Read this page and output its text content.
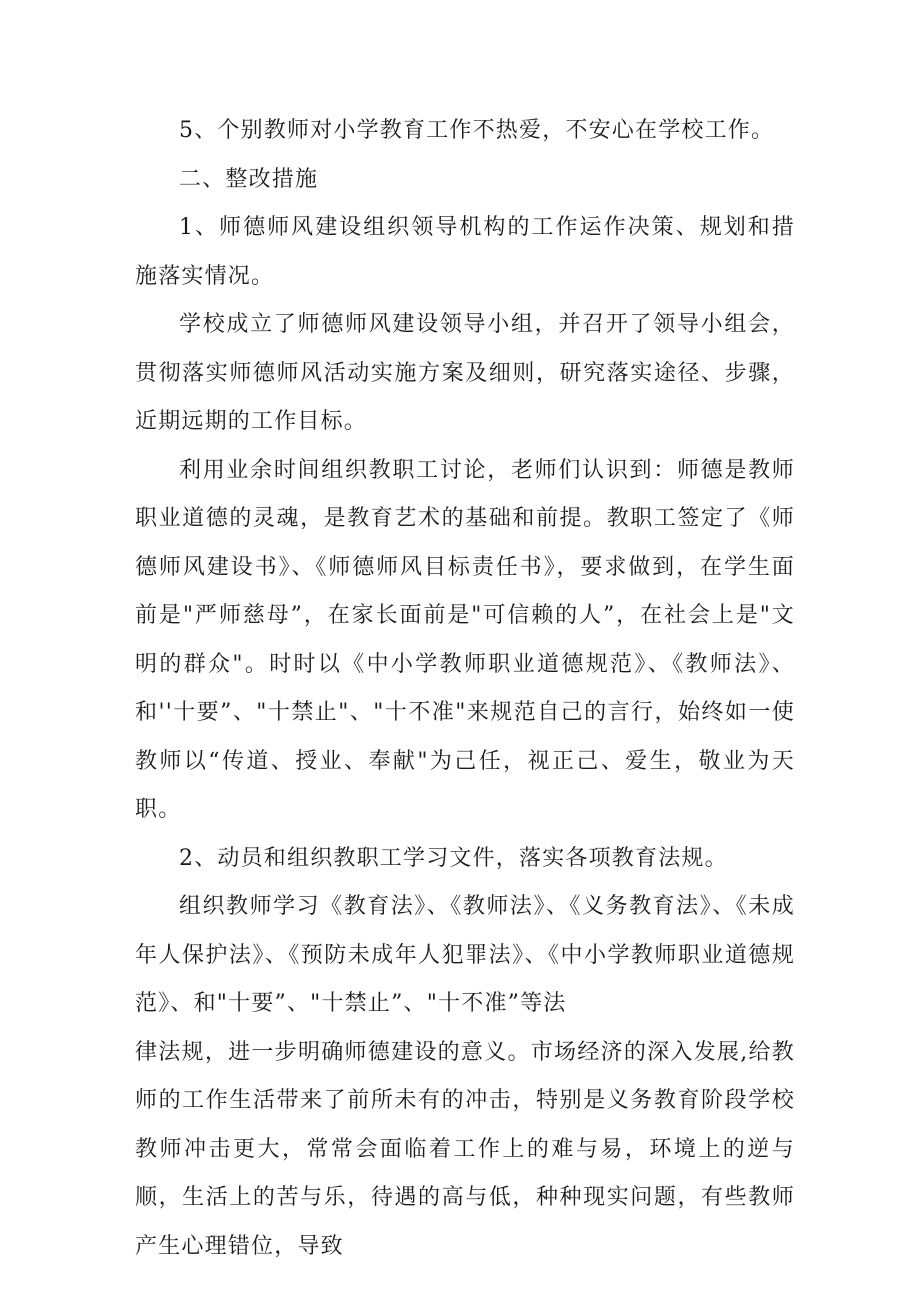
5、个别教师对小学教育工作不热爱，不安心在学校工作。

二、整改措施

1、师德师风建设组织领导机构的工作运作决策、规划和措施落实情况。

学校成立了师德师风建设领导小组，并召开了领导小组会，贯彻落实师德师风活动实施方案及细则，研究落实途径、步骤，近期远期的工作目标。

利用业余时间组织教职工讨论，老师们认识到：师德是教师职业道德的灵魂，是教育艺术的基础和前提。教职工签定了《师德师风建设书》、《师德师风目标责任书》，要求做到，在学生面前是"严师慈母”，在家长面前是"可信赖的人”，在社会上是"文明的群众"。时时以《中小学教师职业道德规范》、《教师法》、和''十要”、"十禁止"、"十不准"来规范自己的言行，始终如一使教师以“传道、授业、奉献"为己任，视正己、爱生，敬业为天职。

2、动员和组织教职工学习文件，落实各项教育法规。

组织教师学习《教育法》、《教师法》、《义务教育法》、《未成年人保护法》、《预防未成年人犯罪法》、《中小学教师职业道德规范》、和"十要”、"十禁止”、"十不准”等法

律法规，进一步明确师德建设的意义。市场经济的深入发展,给教师的工作生活带来了前所未有的冲击，特别是义务教育阶段学校教师冲击更大，常常会面临着工作上的难与易，环境上的逆与顺，生活上的苦与乐，待遇的高与低，种种现实问题，有些教师产生心理错位，导致
